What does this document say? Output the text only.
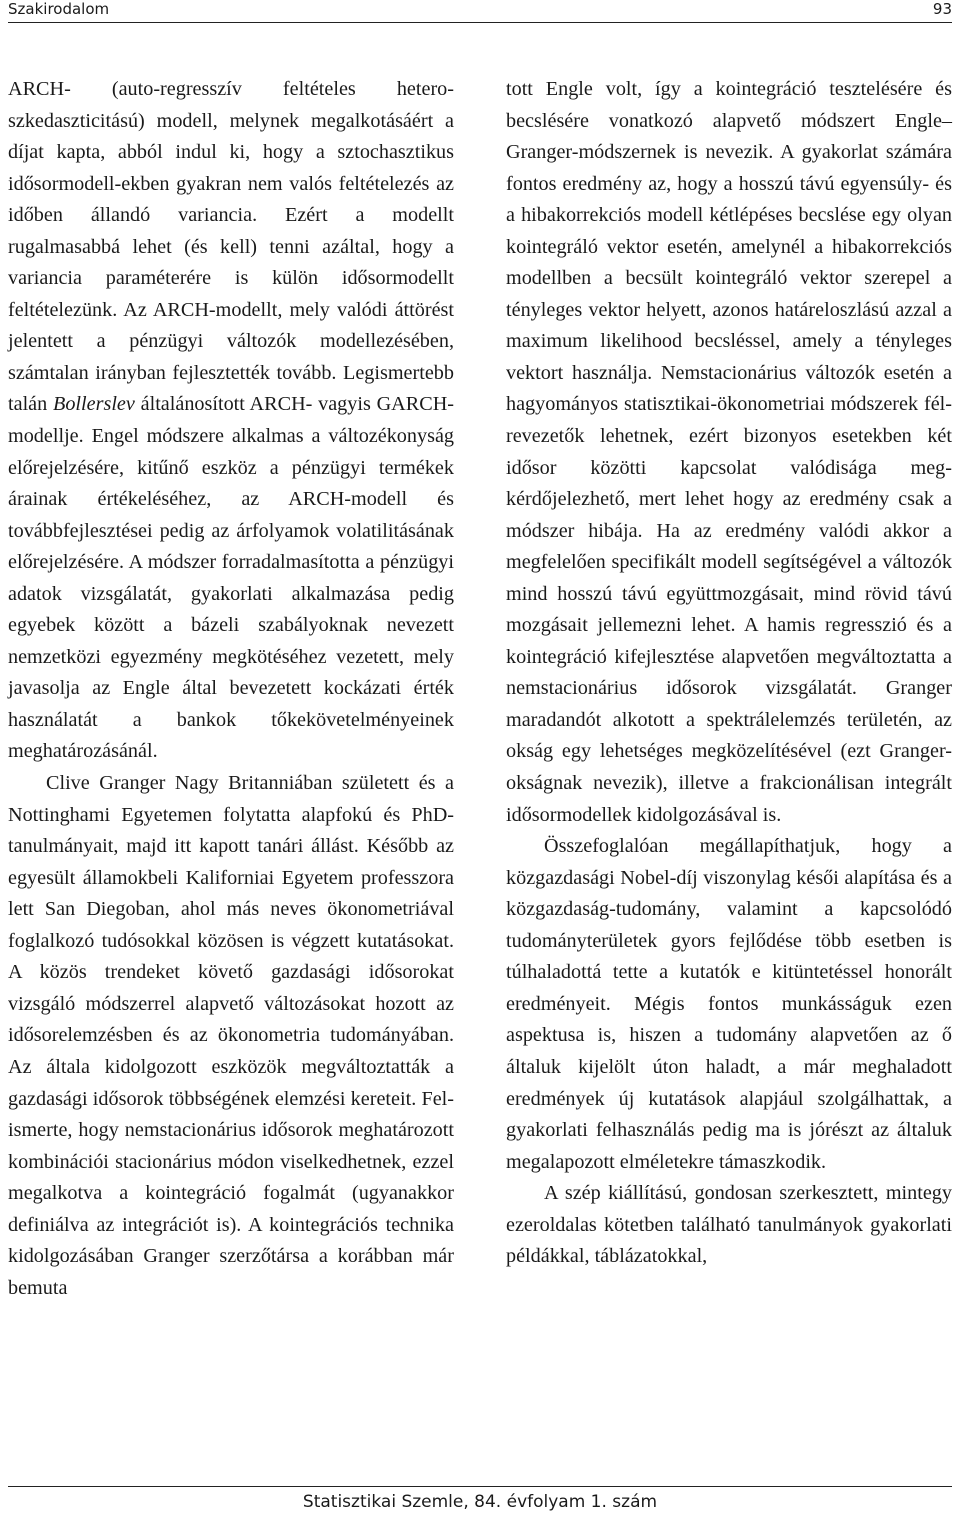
Szakirodalom	93

ARCH- (auto-regresszív feltételes heteroszkedaszticitású) modell, melynek megalkotásáért a díjat kapta, abból indul ki, hogy a sztochasztikus idősormodell-ekben gyakran nem valós feltételezés az időben állandó variancia. Ezért a modellt rugalmasabbá lehet (és kell) tenni azáltal, hogy a variancia paraméterére is külön idősormodellt feltételezünk. Az ARCH-modellt, mely valódi áttörést jelentett a pénzügyi változók modellezésében, számtalan irányban fejlesztették tovább. Legismertebb talán Bollerslev általánosított ARCH- vagyis GARCH-modellje. Engel módszere alkalmas a változékonyság előrejelzésére, kitűnő eszköz a pénzügyi termékek árainak értékeléséhez, az ARCH-modell és továbbfejlesztései pedig az árfolyamok volatilitásának előrejelzésére. A módszer forradalmasította a pénzügyi adatok vizsgálatát, gyakorlati alkalmazása pedig egyebek között a bázeli szabályoknak nevezett nemzetközi egyezmény megkötéséhez vezetett, mely javasolja az Engle által bevezetett kockázati érték használatát a bankok tőkekövetelményeinek meghatározásánál.

Clive Granger Nagy Britanniában született és a Nottinghami Egyetemen folytatta alapfokú és PhD-tanulmányait, majd itt kapott tanári állást. Később az egyesült államokbeli Kaliforniai Egyetem professzora lett San Diegoban, ahol más neves ökonometriával foglalkozó tudósokkal közösen is végzett kutatásokat. A közös trendeket követő gazdasági idősorokat vizsgáló módszerrel alapvető változásokat hozott az idősorelemzésben és az ökonometria tudományában. Az általa kidolgozott eszközök megváltoztatták a gazdasági idősorok többségének elemzési kereteit. Felismerte, hogy nemstacionárius idősorok meghatározott kombinációi stacionárius módon viselkedhetnek, ezzel megalkotva a kointegráció fogalmát (ugyanakkor definiálva az integrációt is). A kointegrációs technika kidolgozásában Granger szerzőtársa a korábban már bemuta

tott Engle volt, így a kointegráció tesztelésére és becslésére vonatkozó alapvető módszert Engle–Granger-módszernek is nevezik. A gyakorlat számára fontos eredmény az, hogy a hosszú távú egyensúly- és a hibakorrekciós modell kétlépéses becslése egy olyan kointegráló vektor esetén, amelynél a hibakorrekciós modellben a becsült kointegráló vektor szerepel a tényleges vektor helyett, azonos határeloszlású azzal a maximum likelihood becsléssel, amely a tényleges vektort használja. Nemstacionárius változók esetén a hagyományos statisztikai-ökonometriai módszerek félrevezetők lehetnek, ezért bizonyos esetekben két idősor közötti kapcsolat valódisága megkérdőjelezhető, mert lehet hogy az eredmény csak a módszer hibája. Ha az eredmény valódi akkor a megfelelően specifikált modell segítségével a változók mind hosszú távú együttmozgásait, mind rövid távú mozgásait jellemezni lehet. A hamis regresszió és a kointegráció kifejlesztése alapvetően megváltoztatta a nemstacionárius idősorok vizsgálatát. Granger maradandót alkotott a spektrálelemzés területén, az okság egy lehetséges megközelítésével (ezt Granger-okságnak nevezik), illetve a frakcionálisan integrált idősormodellek kidolgozásával is.

Összefoglalóan megállapíthatjuk, hogy a közgazdasági Nobel-díj viszonylag késői alapítása és a közgazdaság-tudomány, valamint a kapcsolódó tudományterületek gyors fejlődése több esetben is túlhaladottá tette a kutatók e kitüntetéssel honorált eredményeit. Mégis fontos munkásságuk ezen aspektusa is, hiszen a tudomány alapvetően az ő általuk kijelölt úton haladt, a már meghaladott eredmények új kutatások alapjául szolgálhattak, a gyakorlati felhasználás pedig ma is jórészt az általuk megalapozott elméletekre támaszkodik.

A szép kiállítású, gondosan szerkesztett, mintegy ezeroldalas kötetben található tanulmányok gyakorlati példákkal, táblázatokkal,

Statisztikai Szemle, 84. évfolyam 1. szám
